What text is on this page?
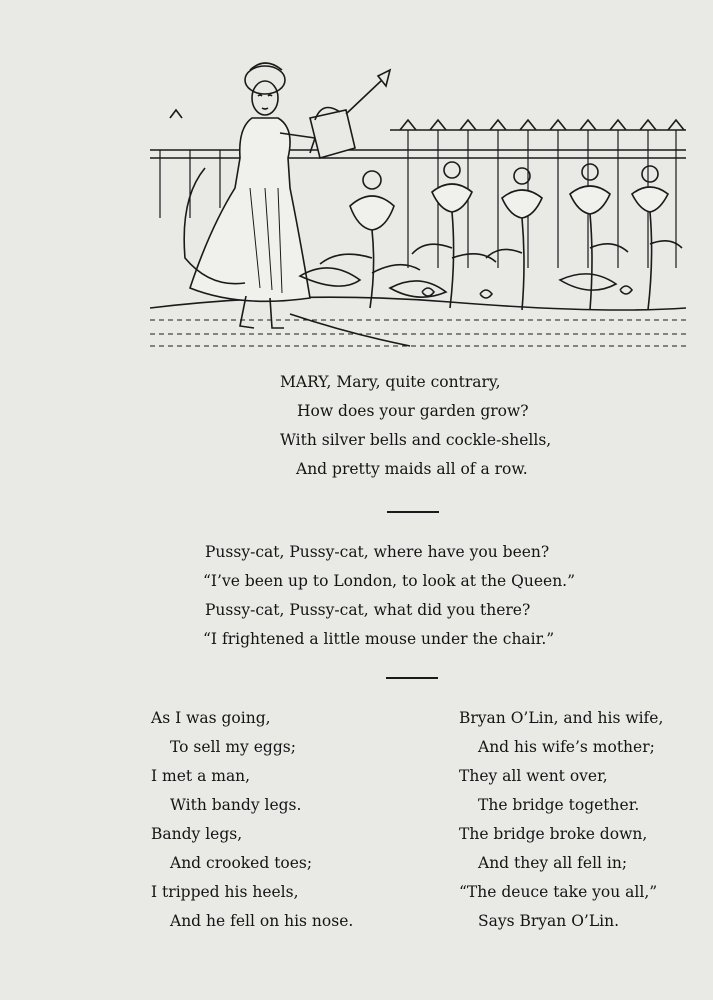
MARY, Mary, quite contrary,
How does your garden grow?
With silver bells and cockle-shells,
And pretty maids all of a row.
Pussy-cat, Pussy-cat, where have you been?
“I’ve been up to London, to look at the Queen.”
Pussy-cat, Pussy-cat, what did you there?
“I frightened a little mouse under the chair.”
As I was going,
To sell my eggs;
I met a man,
With bandy legs.
Bandy legs,
And crooked toes;
I tripped his heels,
And he fell on his nose.
Bryan O’Lin, and his wife,
And his wife’s mother;
They all went over,
The bridge together.
The bridge broke down,
And they all fell in;
“The deuce take you all,”
Says Bryan O’Lin.
